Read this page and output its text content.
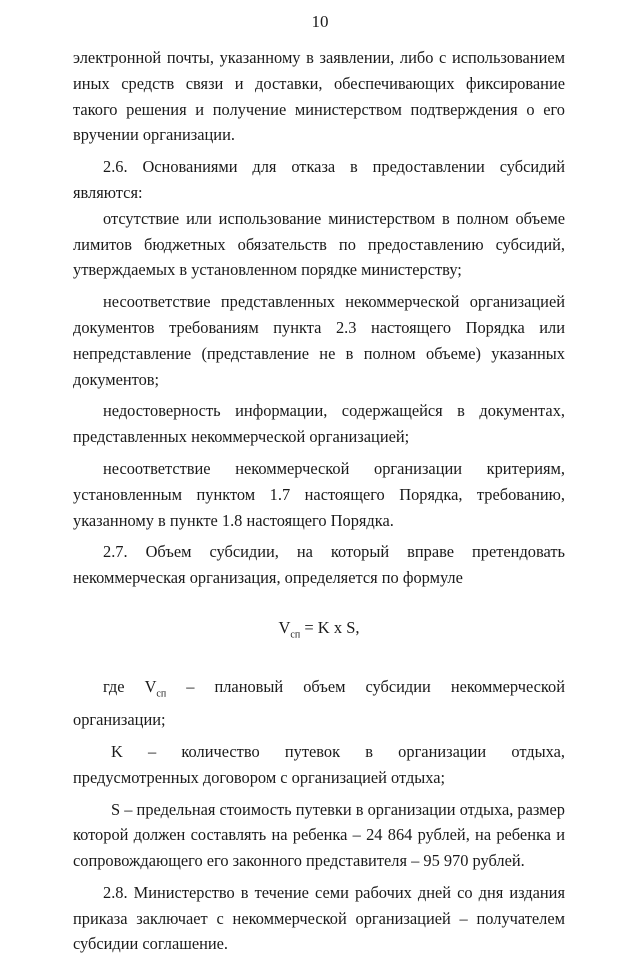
10

электронной почты, указанному в заявлении, либо с использованием иных средств связи и доставки, обеспечивающих фиксирование такого решения и получение министерством подтверждения о его вручении организации.

2.6. Основаниями для отказа в предоставлении субсидий являются:

отсутствие или использование министерством в полном объеме лимитов бюджетных обязательств по предоставлению субсидий, утверждаемых в установленном порядке министерству;

несоответствие представленных некоммерческой организацией документов требованиям пункта 2.3 настоящего Порядка или непредставление (представление не в полном объеме) указанных документов;

недостоверность информации, содержащейся в документах, представленных некоммерческой организацией;

несоответствие некоммерческой организации критериям, установленным пунктом 1.7 настоящего Порядка, требованию, указанному в пункте 1.8 настоящего Порядка.

2.7. Объем субсидии, на который вправе претендовать некоммерческая организация, определяется по формуле

$V_{сп} = K$ x S,

где $V_{сп}$ – плановый объем субсидии некоммерческой организации;

K – количество путевок в организации отдыха, предусмотренных договором с организацией отдыха;

S – предельная стоимость путевки в организации отдыха, размер которой должен составлять на ребенка – 24 864 рублей, на ребенка и сопровождающего его законного представителя – 95 970 рублей.

2.8. Министерство в течение семи рабочих дней со дня издания приказа заключает с некоммерческой организацией – получателем субсидии соглашение.
